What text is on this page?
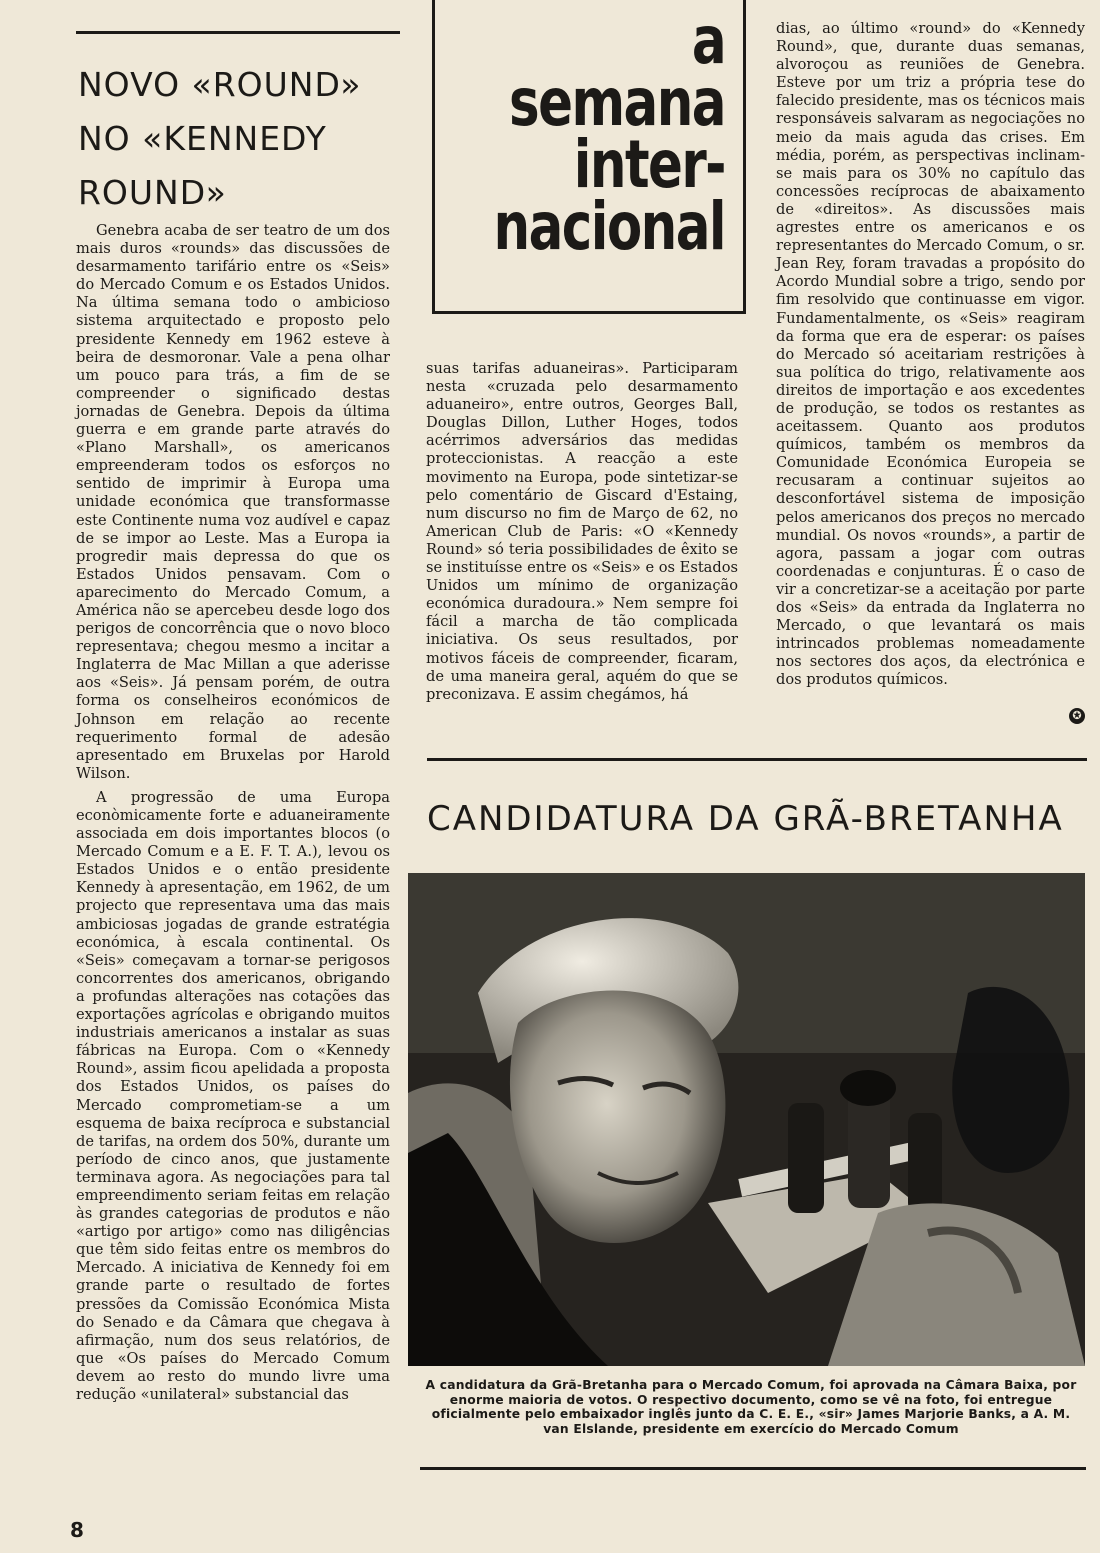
NOVO «ROUND» NO «KENNEDY ROUND»

Genebra acaba de ser teatro de um dos mais duros «rounds» das discussões de desarmamento tarifário entre os «Seis» do Mercado Comum e os Estados Unidos. Na última semana todo o ambicioso sistema arquitectado e proposto pelo presidente Kennedy em 1962 esteve à beira de desmoronar. Vale a pena olhar um pouco para trás, a fim de se compreender o significado destas jornadas de Genebra. Depois da última guerra e em grande parte através do «Plano Marshall», os americanos empreenderam todos os esforços no sentido de imprimir à Europa uma unidade económica que transformasse este Continente numa voz audível e capaz de se impor ao Leste. Mas a Europa ia progredir mais depressa do que os Estados Unidos pensavam. Com o aparecimento do Mercado Comum, a América não se apercebeu desde logo dos perigos de concorrência que o novo bloco representava; chegou mesmo a incitar a Inglaterra de Mac Millan a que aderisse aos «Seis». Já pensam porém, de outra forma os conselheiros económicos de Johnson em relação ao recente requerimento formal de adesão apresentado em Bruxelas por Harold Wilson.

A progressão de uma Europa econòmicamente forte e aduaneiramente associada em dois importantes blocos (o Mercado Comum e a E. F. T. A.), levou os Estados Unidos e o então presidente Kennedy à apresentação, em 1962, de um projecto que representava uma das mais ambiciosas jogadas de grande estratégia económica, à escala continental. Os «Seis» começavam a tornar-se perigosos concorrentes dos americanos, obrigando a profundas alterações nas cotações das exportações agrícolas e obrigando muitos industriais americanos a instalar as suas fábricas na Europa. Com o «Kennedy Round», assim ficou apelidada a proposta dos Estados Unidos, os países do Mercado comprometiam-se a um esquema de baixa recíproca e substancial de tarifas, na ordem dos 50%, durante um período de cinco anos, que justamente terminava agora. As negociações para tal empreendimento seriam feitas em relação às grandes categorias de produtos e não «artigo por artigo» como nas diligências que têm sido feitas entre os membros do Mercado. A iniciativa de Kennedy foi em grande parte o resultado de fortes pressões da Comissão Económica Mista do Senado e da Câmara que chegava à afirmação, num dos seus relatórios, de que «Os países do Mercado Comum devem ao resto do mundo livre uma redução «unilateral» substancial das

a
semana
inter-
nacional

suas tarifas aduaneiras». Participaram nesta «cruzada pelo desarmamento aduaneiro», entre outros, Georges Ball, Douglas Dillon, Luther Hoges, todos acérrimos adversários das medidas proteccionistas. A reacção a este movimento na Europa, pode sintetizar-se pelo comentário de Giscard d'Estaing, num discurso no fim de Março de 62, no American Club de Paris: «O «Kennedy Round» só teria possibilidades de êxito se se instituísse entre os «Seis» e os Estados Unidos um mínimo de organização económica duradoura.» Nem sempre foi fácil a marcha de tão complicada iniciativa. Os seus resultados, por motivos fáceis de compreender, ficaram, de uma maneira geral, aquém do que se preconizava. E assim chegámos, há

dias, ao último «round» do «Kennedy Round», que, durante duas semanas, alvoroçou as reuniões de Genebra. Esteve por um triz a própria tese do falecido presidente, mas os técnicos mais responsáveis salvaram as negociações no meio da mais aguda das crises. Em média, porém, as perspectivas inclinam-se mais para os 30% no capítulo das concessões recíprocas de abaixamento de «direitos». As discussões mais agrestes entre os americanos e os representantes do Mercado Comum, o sr. Jean Rey, foram travadas a propósito do Acordo Mundial sobre a trigo, sendo por fim resolvido que continuasse em vigor. Fundamentalmente, os «Seis» reagiram da forma que era de esperar: os países do Mercado só aceitariam restrições à sua política do trigo, relativamente aos direitos de importação e aos excedentes de produção, se todos os restantes as aceitassem. Quanto aos produtos químicos, também os membros da Comunidade Económica Europeia se recusaram a continuar sujeitos ao desconfortável sistema de imposição pelos americanos dos preços no mercado mundial. Os novos «rounds», a partir de agora, passam a jogar com outras coordenadas e conjunturas. É o caso de vir a concretizar-se a aceitação por parte dos «Seis» da entrada da Inglaterra no Mercado, o que levantará os mais intrincados problemas nomeadamente nos sectores dos aços, da electrónica e dos produtos químicos.

✪
CANDIDATURA DA GRÃ-BRETANHA
A candidatura da Grã-Bretanha para o Mercado Comum, foi aprovada na Câmara Baixa, por enorme maioria de votos. O respectivo documento, como se vê na foto, foi entregue oficialmente pelo embaixador inglês junto da C. E. E., «sir» James Marjorie Banks, a A. M. van Elslande, presidente em exercício do Mercado Comum
8
